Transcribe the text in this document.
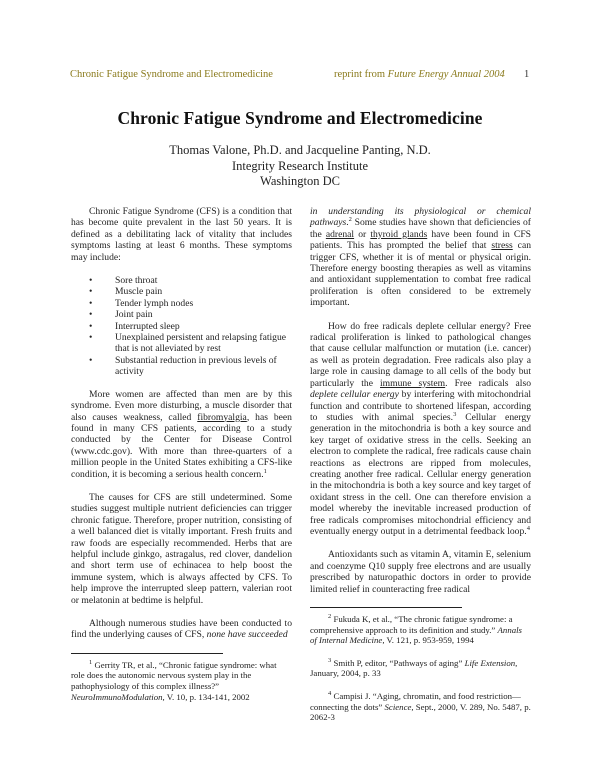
Chronic Fatigue Syndrome and Electromedicine	reprint from Future Energy Annual 2004 1
Chronic Fatigue Syndrome and Electromedicine
Thomas Valone, Ph.D. and Jacqueline Panting, N.D.
Integrity Research Institute
Washington DC

Chronic Fatigue Syndrome (CFS) is a condition that has become quite prevalent in the last 50 years. It is defined as a debilitating lack of vitality that includes symptoms lasting at least 6 months. These symptoms may include:

• Sore throat
• Muscle pain
• Tender lymph nodes
• Joint pain
• Interrupted sleep
• Unexplained persistent and relapsing fatigue that is not alleviated by rest
• Substantial reduction in previous levels of activity

More women are affected than men are by this syndrome. Even more disturbing, a muscle disorder that also causes weakness, called fibromyalgia, has been found in many CFS patients, according to a study conducted by the Center for Disease Control (www.cdc.gov). With more than three-quarters of a million people in the United States exhibiting a CFS-like condition, it is becoming a serious health concern.$^1$

The causes for CFS are still undetermined. Some studies suggest multiple nutrient deficiencies can trigger chronic fatigue. Therefore, proper nutrition, consisting of a well balanced diet is vitally important. Fresh fruits and raw foods are especially recommended. Herbs that are helpful include ginkgo, astragalus, red clover, dandelion and short term use of echinacea to help boost the immune system, which is always affected by CFS. To help improve the interrupted sleep pattern, valerian root or melatonin at bedtime is helpful.

Although numerous studies have been conducted to find the underlying causes of CFS, none have succeeded

$^1$ Gerrity TR, et al., “Chronic fatigue syndrome: what role does the autonomic nervous system play in the pathophysiology of this complex illness?”
NeuroImmunoModulation, V. 10, p. 134-141, 2002

in understanding its physiological or chemical pathways.$^2$ Some studies have shown that deficiencies of the adrenal or thyroid glands have been found in CFS patients. This has prompted the belief that stress can trigger CFS, whether it is of mental or physical origin. Therefore energy boosting therapies as well as vitamins and antioxidant supplementation to combat free radical proliferation is often considered to be extremely important.

How do free radicals deplete cellular energy? Free radical proliferation is linked to pathological changes that cause cellular malfunction or mutation (i.e. cancer) as well as protein degradation. Free radicals also play a large role in causing damage to all cells of the body but particularly the immune system. Free radicals also deplete cellular energy by interfering with mitochondrial function and contribute to shortened lifespan, according to studies with animal species.$^3$ Cellular energy generation in the mitochondria is both a key source and key target of oxidative stress in the cells. Seeking an electron to complete the radical, free radicals cause chain reactions as electrons are ripped from molecules, creating another free radical. Cellular energy generation in the mitochondria is both a key source and key target of oxidant stress in the cell. One can therefore envision a model whereby the inevitable increased production of free radicals compromises mitochondrial efficiency and eventually energy output in a detrimental feedback loop.$^4$

Antioxidants such as vitamin A, vitamin E, selenium and coenzyme Q10 supply free electrons and are usually prescribed by naturopathic doctors in order to provide limited relief in counteracting free radical

$^2$ Fukuda K, et al., “The chronic fatigue syndrome: a comprehensive approach to its definition and study.” Annals of Internal Medicine, V. 121, p. 953-959, 1994

$^3$ Smith P, editor, “Pathways of aging” Life Extension, January, 2004, p. 33

$^4$ Campisi J. “Aging, chromatin, and food restriction—connecting the dots” Science, Sept., 2000, V. 289, No. 5487, p. 2062-3
